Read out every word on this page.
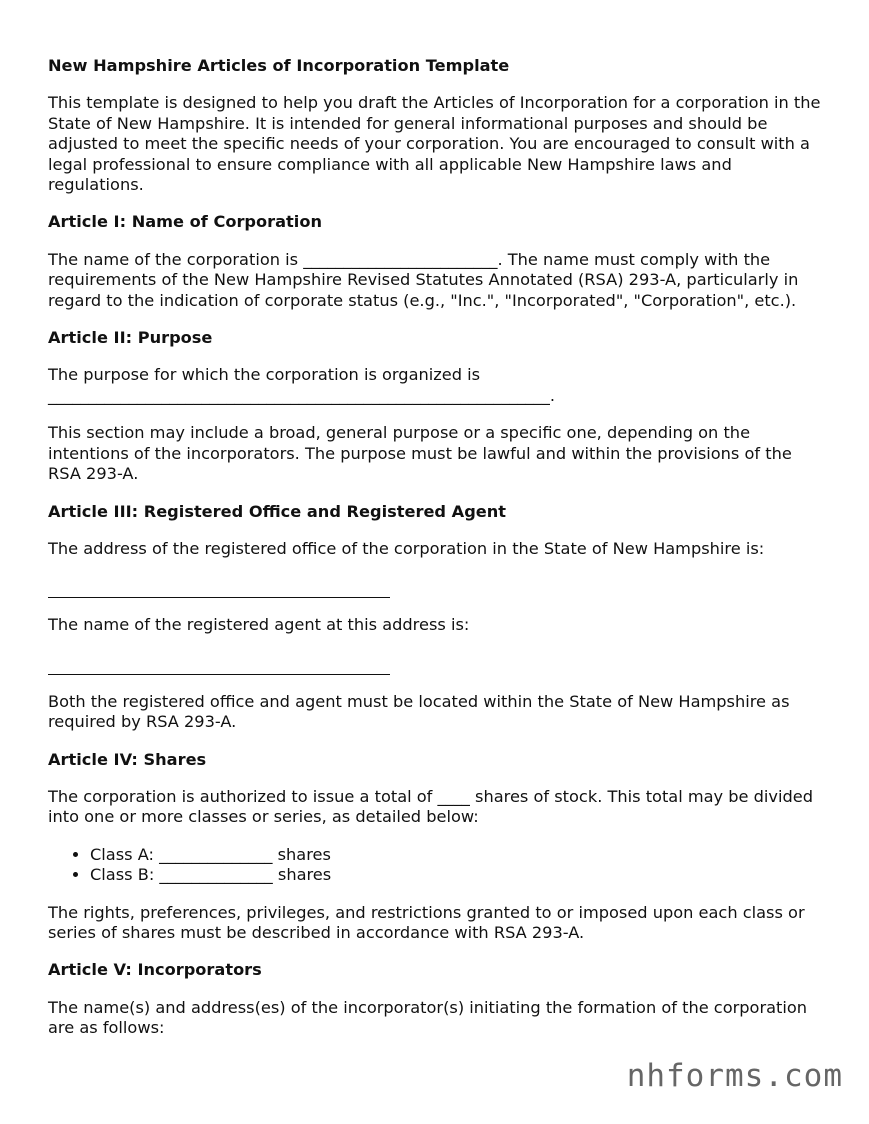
New Hampshire Articles of Incorporation Template

This template is designed to help you draft the Articles of Incorporation for a corporation in the State of New Hampshire. It is intended for general informational purposes and should be adjusted to meet the specific needs of your corporation. You are encouraged to consult with a legal professional to ensure compliance with all applicable New Hampshire laws and regulations.

Article I: Name of Corporation

The name of the corporation is ________________________. The name must comply with the requirements of the New Hampshire Revised Statutes Annotated (RSA) 293-A, particularly in regard to the indication of corporate status (e.g., "Inc.", "Incorporated", "Corporation", etc.).

Article II: Purpose

The purpose for which the corporation is organized is ______________________________________________________________.

This section may include a broad, general purpose or a specific one, depending on the intentions of the incorporators. The purpose must be lawful and within the provisions of the RSA 293-A.

Article III: Registered Office and Registered Agent

The address of the registered office of the corporation in the State of New Hampshire is:

The name of the registered agent at this address is:

Both the registered office and agent must be located within the State of New Hampshire as required by RSA 293-A.

Article IV: Shares

The corporation is authorized to issue a total of ____ shares of stock. This total may be divided into one or more classes or series, as detailed below:

• Class A: ______________ shares
• Class B: ______________ shares

The rights, preferences, privileges, and restrictions granted to or imposed upon each class or series of shares must be described in accordance with RSA 293-A.

Article V: Incorporators

The name(s) and address(es) of the incorporator(s) initiating the formation of the corporation are as follows:

nhforms.com
